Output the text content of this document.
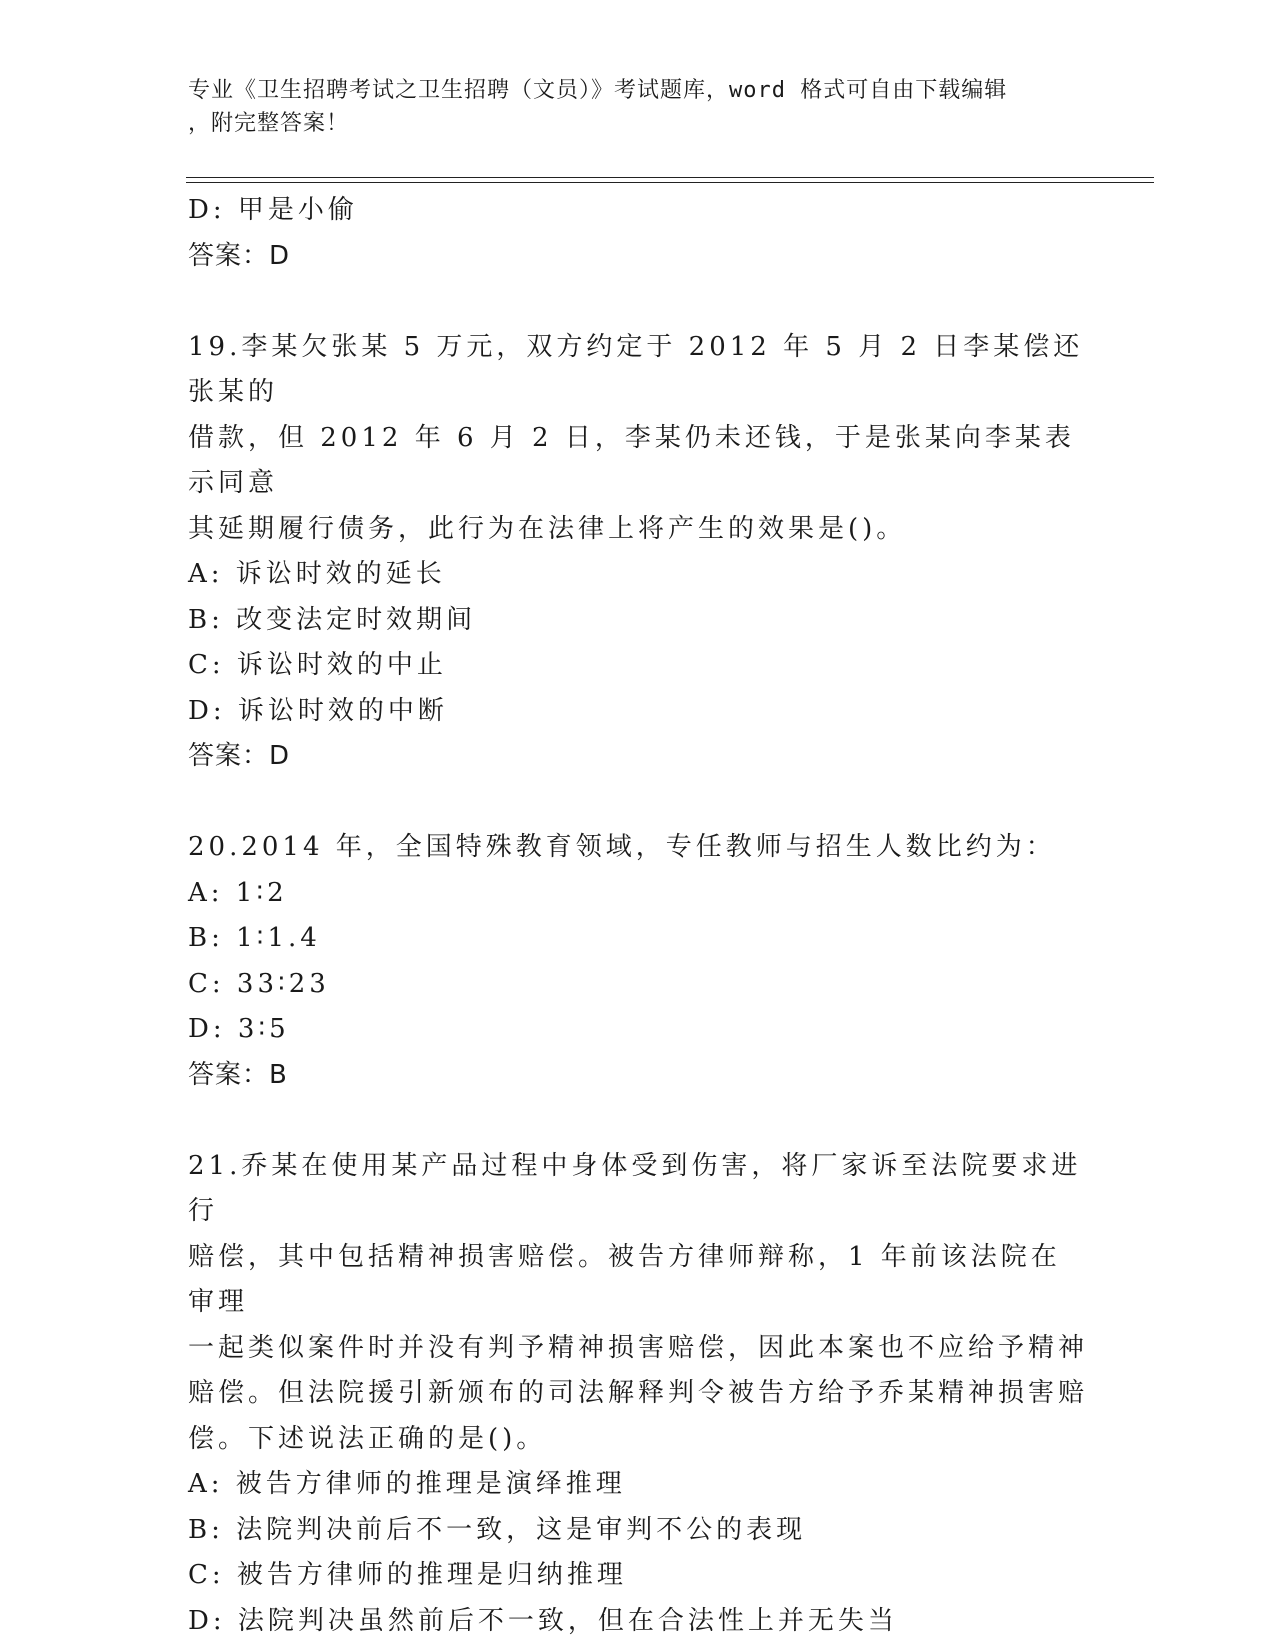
专业《卫生招聘考试之卫生招聘（文员）》考试题库，word 格式可自由下载编辑
，附完整答案！

D: 甲是小偷

答案：D

19.李某欠张某 5 万元，双方约定于 2012 年 5 月 2 日李某偿还张某的

借款，但 2012 年 6 月 2 日，李某仍未还钱，于是张某向李某表示同意

其延期履行债务，此行为在法律上将产生的效果是()。

A: 诉讼时效的延长

B: 改变法定时效期间

C: 诉讼时效的中止

D: 诉讼时效的中断

答案：D

20.2014 年，全国特殊教育领域，专任教师与招生人数比约为：

A: 1∶2

B: 1∶1.4

C: 33∶23

D: 3∶5

答案：B

21.乔某在使用某产品过程中身体受到伤害，将厂家诉至法院要求进行

赔偿，其中包括精神损害赔偿。被告方律师辩称，1 年前该法院在审理

一起类似案件时并没有判予精神损害赔偿，因此本案也不应给予精神

赔偿。但法院援引新颁布的司法解释判令被告方给予乔某精神损害赔

偿。下述说法正确的是()。

A: 被告方律师的推理是演绎推理

B: 法院判决前后不一致，这是审判不公的表现

C: 被告方律师的推理是归纳推理

D: 法院判决虽然前后不一致，但在合法性上并无失当
